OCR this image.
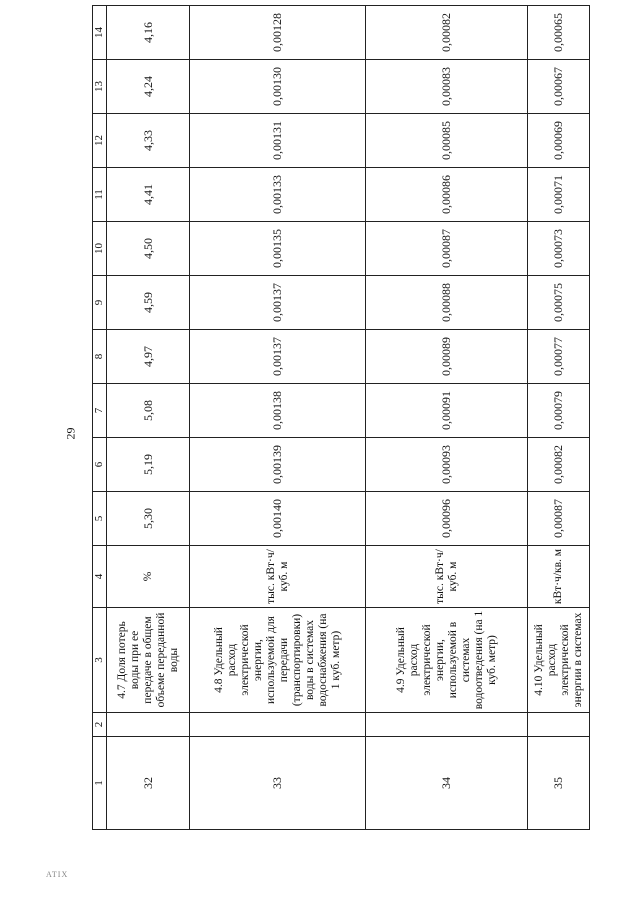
29
ATIX
1	2	3	4	5	6	7	8	9	10	11	12	13	14
32		4.7 Доля потерь воды при ее передаче в общем объеме переданной воды	%	5,30	5,19	5,08	4,97	4,59	4,50	4,41	4,33	4,24	4,16
33		4.8 Удельный расход электрической энергии, используемой для передачи (транспортировки) воды в системах водоснабжения (на 1 куб. метр)	тыс. кВт·ч/куб. м	0,00140	0,00139	0,00138	0,00137	0,00137	0,00135	0,00133	0,00131	0,00130	0,00128
34		4.9 Удельный расход электрической энергии, используемой в системах водоотведения (на 1 куб. метр)	тыс. кВт·ч/куб. м	0,00096	0,00093	0,00091	0,00089	0,00088	0,00087	0,00086	0,00085	0,00083	0,00082
35		4.10 Удельный расход электрической энергии в системах	кВт·ч/кв. м	0,00087	0,00082	0,00079	0,00077	0,00075	0,00073	0,00071	0,00069	0,00067	0,00065
